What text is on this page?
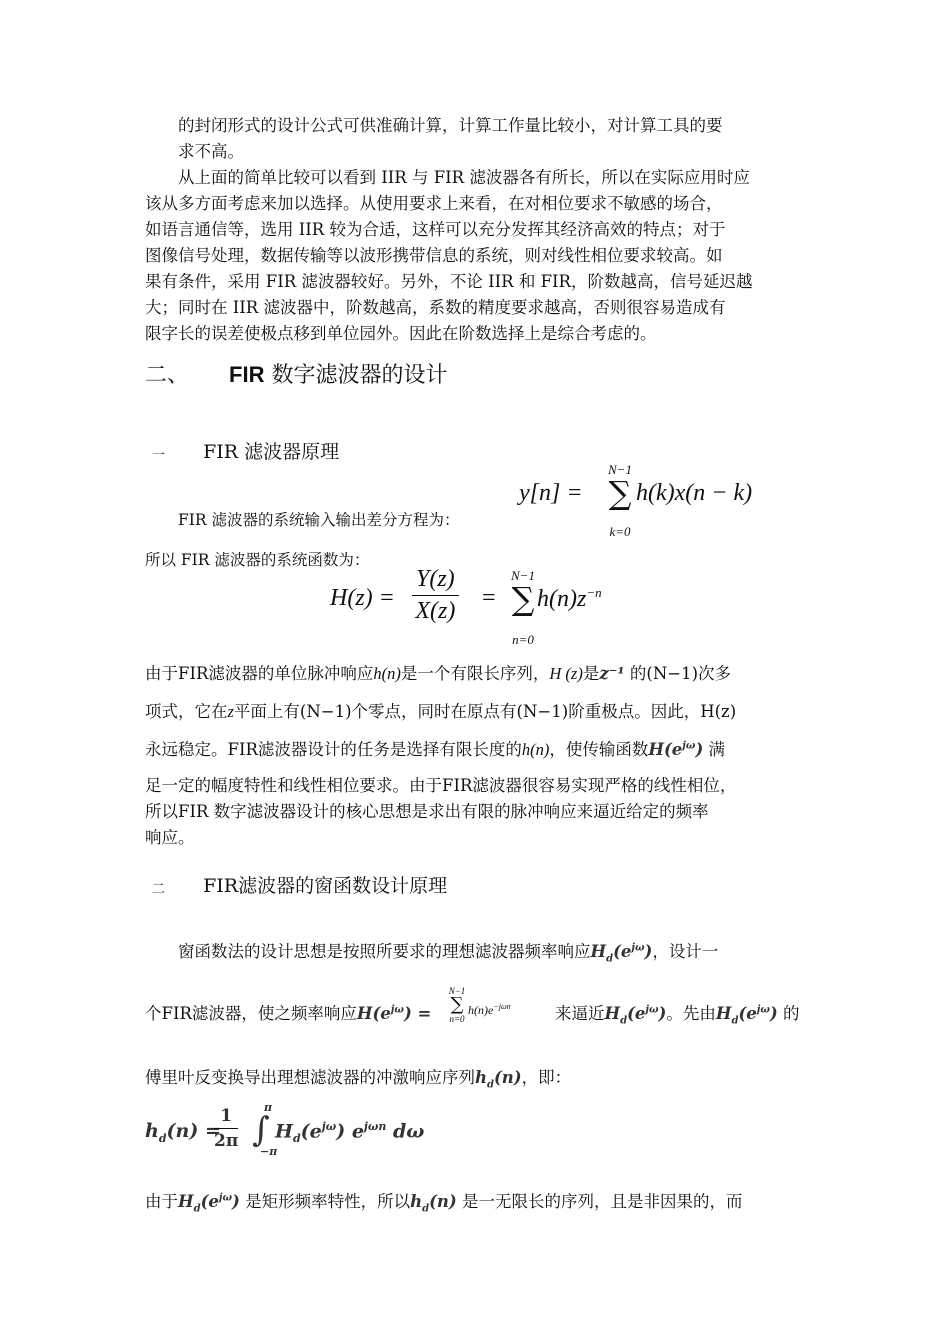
的封闭形式的设计公式可供准确计算，计算工作量比较小，对计算工具的要
求不高。
从上面的简单比较可以看到 IIR 与 FIR 滤波器各有所长，所以在实际应用时应
该从多方面考虑来加以选择。从使用要求上来看，在对相位要求不敏感的场合，
如语言通信等，选用 IIR 较为合适，这样可以充分发挥其经济高效的特点；对于
图像信号处理，数据传输等以波形携带信息的系统，则对线性相位要求较高。如
果有条件，采用 FIR 滤波器较好。另外，不论 IIR 和 FIR，阶数越高，信号延迟越
大；同时在 IIR 滤波器中，阶数越高，系数的精度要求越高，否则很容易造成有
限字长的误差使极点移到单位园外。因此在阶数选择上是综合考虑的。
二、 FIR 数字滤波器的设计
一 FIR 滤波器原理
FIR 滤波器的系统输入输出差分方程为：
y[n] =
N−1
∑
k=0
h(k)x(n − k)
所以 FIR 滤波器的系统函数为：
$H(z) = \frac{Y(z)}{X(z)}$ =
N−1
∑
n=0
$h(n)z^{-n}$
由于FIR滤波器的单位脉冲响应h(n)是一个有限长序列，H (z)是z⁻¹ 的(N−1)次多
项式，它在z平面上有(N−1)个零点，同时在原点有(N−1)阶重极点。因此，H(z)
永远稳定。FIR滤波器设计的任务是选择有限长度的h(n)，使传输函数$H(e^{j\omega})$ 满
足一定的幅度特性和线性相位要求。由于FIR滤波器很容易实现严格的线性相位，
所以FIR 数字滤波器设计的核心思想是求出有限的脉冲响应来逼近给定的频率
响应。
二 FIR滤波器的窗函数设计原理
窗函数法的设计思想是按照所要求的理想滤波器频率响应$H_d(e^{j\omega})$，设计一
个FIR滤波器，使之频率响应$H(e^{j\omega})$ =
N−1
∑
n=0
$h(n)e^{-j\omega n}$	来逼近$H_d(e^{j\omega})$。先由$H_d(e^{j\omega})$ 的
傅里叶反变换导出理想滤波器的冲激响应序列$h_d(n)$，即：
$h_d(n)$ =
$\frac{1}{2\pi}$ π
∫
−π
$H_d(e^{j\omega})$ $e^{j\omega n}$ dω
由于$H_d(e^{j\omega})$ 是矩形频率特性，所以$h_d(n)$ 是一无限长的序列，且是非因果的，而
